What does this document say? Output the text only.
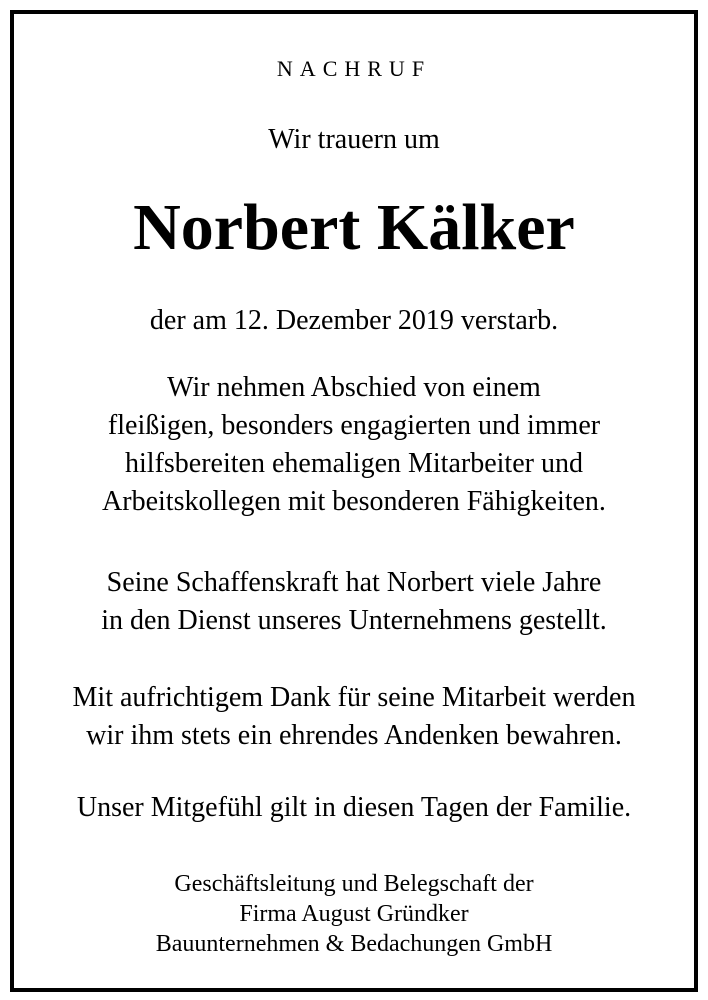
NACHRUF
Wir trauern um
Norbert Kälker
der am 12. Dezember 2019 verstarb.
Wir nehmen Abschied von einem
fleißigen, besonders engagierten und immer
hilfsbereiten ehemaligen Mitarbeiter und
Arbeitskollegen mit besonderen Fähigkeiten.
Seine Schaffenskraft hat Norbert viele Jahre
in den Dienst unseres Unternehmens gestellt.
Mit aufrichtigem Dank für seine Mitarbeit werden
wir ihm stets ein ehrendes Andenken bewahren.
Unser Mitgefühl gilt in diesen Tagen der Familie.
Geschäftsleitung und Belegschaft der
Firma August Gründker
Bauunternehmen & Bedachungen GmbH
